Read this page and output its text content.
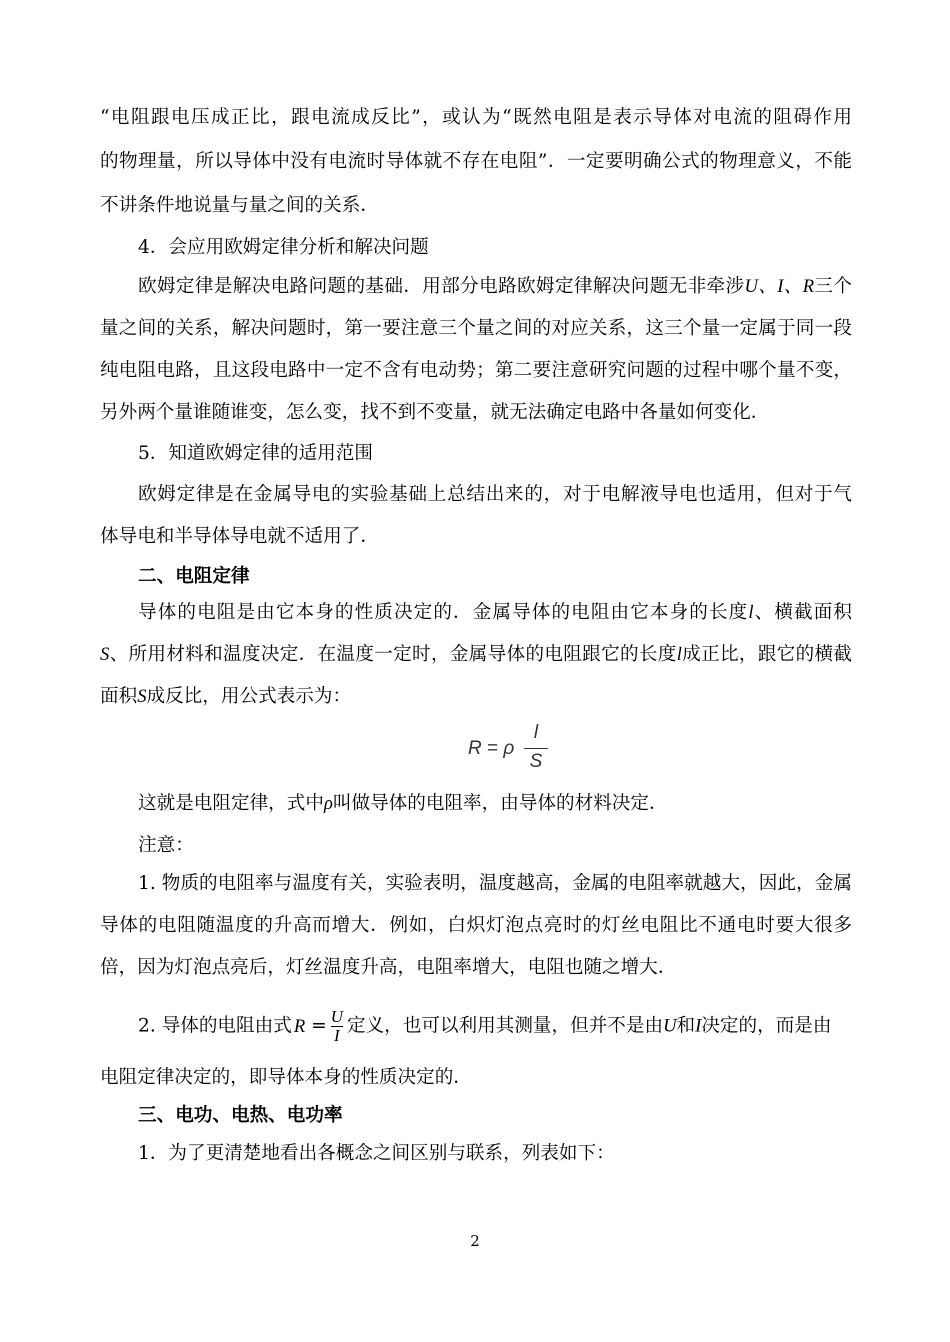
“电阻跟电压成正比，跟电流成反比”，或认为“既然电阻是表示导体对电流的阻碍作用
的物理量，所以导体中没有电流时导体就不存在电阻”．一定要明确公式的物理意义，不能
不讲条件地说量与量之间的关系．
4．会应用欧姆定律分析和解决问题
欧姆定律是解决电路问题的基础．用部分电路欧姆定律解决问题无非牵涉U、I、R三个
量之间的关系，解决问题时，第一要注意三个量之间的对应关系，这三个量一定属于同一段
纯电阻电路，且这段电路中一定不含有电动势；第二要注意研究问题的过程中哪个量不变，
另外两个量谁随谁变，怎么变，找不到不变量，就无法确定电路中各量如何变化．
5．知道欧姆定律的适用范围
欧姆定律是在金属导电的实验基础上总结出来的，对于电解液导电也适用，但对于气
体导电和半导体导电就不适用了．
二、电阻定律
导体的电阻是由它本身的性质决定的．金属导体的电阻由它本身的长度l、横截面积
S、所用材料和温度决定．在温度一定时，金属导体的电阻跟它的长度l成正比，跟它的横截
面积S成反比，用公式表示为：
R = ρ
l
S
这就是电阻定律，式中ρ叫做导体的电阻率，由导体的材料决定．
注意：
1. 物质的电阻率与温度有关，实验表明，温度越高，金属的电阻率就越大，因此，金属
导体的电阻随温度的升高而增大．例如，白炽灯泡点亮时的灯丝电阻比不通电时要大很多
倍，因为灯泡点亮后，灯丝温度升高，电阻率增大，电阻也随之增大．
2. 导体的电阻由式 $R = \frac{U}{I}$ 定义，也可以利用其测量，但并不是由U和I决定的，而是由
电阻定律决定的，即导体本身的性质决定的．
三、电功、电热、电功率
1．为了更清楚地看出各概念之间区别与联系，列表如下：
2
